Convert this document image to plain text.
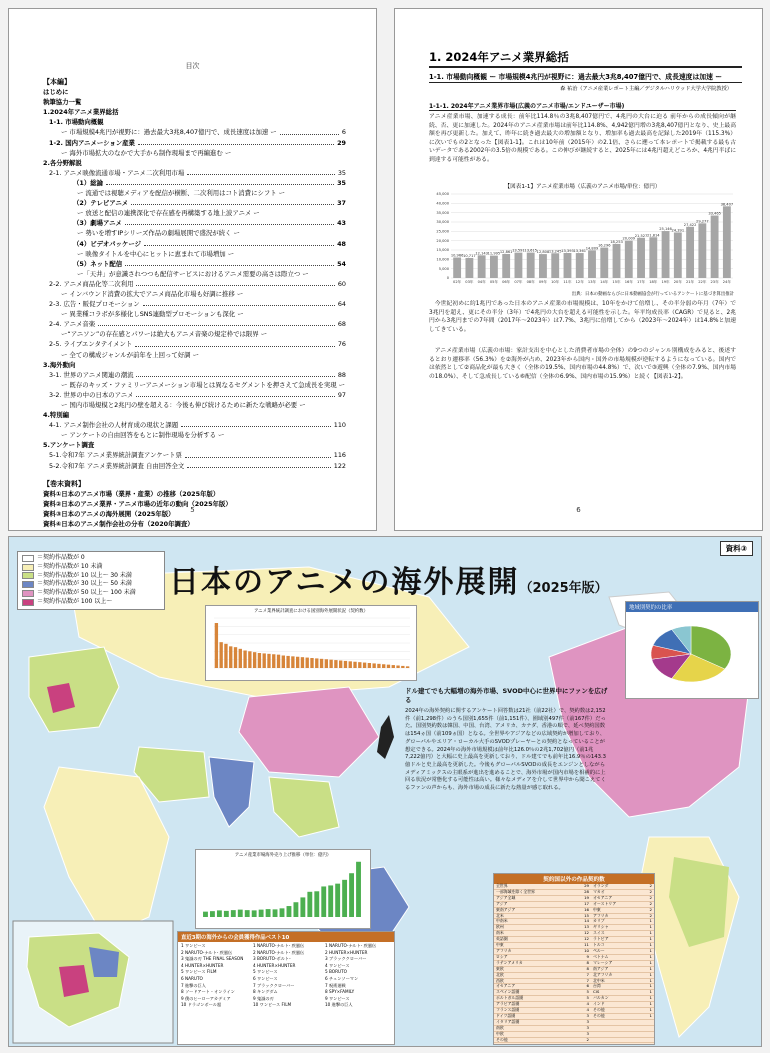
目次
【本編】
はじめに
執筆協力一覧
1.2024年アニメ業界総括
1-1. 市場動向概観
ー 市場規模4兆円が視野に：過去最大3兆8,407億円で、成長速度は加速 ー	6
1-2. 国内アニメーション産業	29
ー 海外市場拡大のなかで大手から制作現場まで再編進む ー
2.各分野解説
2-1. アニメ映像流通市場・アニメ二次利用市場	35
（1）総論	35
ー 流通では視聴メディアを配信が横断、二次利用はコト消費にシフト ー
（2）テレビアニメ	37
ー 放送と配信の連携深化で存在感を再構築する地上波アニメ ー
（3）劇場アニメ	43
ー 勢いを増すIPシリーズ作品の劇場展開で盛況が続く ー
（4）ビデオパッケージ	48
ー 映像タイトルを中心にヒットに恵まれて市場増加 ー
（5）ネット配信	54
ー「天井」が意識されつつも配信サービスにおけるアニメ需要の高さは際立つ ー
2-2. アニメ商品化等二次利用	60
ー インバウンド消費の拡大でアニメ商品化市場も好調に推移 ー
2-3. 広告・販促プロモーション	64
ー 異業種コラボが多様化しSNS連動型プロモーションも深化 ー
2-4. アニメ音楽	68
ー“アニソン”の存在感とパワーは絶大もアニメ音楽の規定枠では限界 ー
2-5. ライブエンタテイメント	76
ー 全ての構成ジャンルが前年を上回って好調 ー
3.海外動向
3-1. 世界のアニメ関連の潮流	88
ー 既存のキッズ・ファミリーアニメーション市場とは異なるセグメントを押さえて急成長を実現 ー
3-2. 世界の中の日本のアニメ	97
ー 国内市場規模と2兆円の壁を超える：今後も伸び続けるために新たな戦略が必要 ー
4.特別編
4-1. アニメ制作会社の人材育成の現状と課題	110
ー アンケートの自由回答をもとに制作現場を分析する ー
5.アンケート調査
5-1.令和7年 アニメ業界統計調査アンケート票	116
5-2.令和7年 アニメ業界統計調査 自由回答全文	122
【巻末資料】
資料①日本のアニメ市場（業界・産業）の推移（2025年版）
資料②日本のアニメ業界・アニメ市場の近年の動向（2025年版）
資料③日本のアニメの海外展開（2025年版）
資料④日本のアニメ制作会社の分布（2020年調査）
5
1. 2024年アニメ業界総括
1-1. 市場動向概観 ー 市場規模4兆円が視野に：過去最大3兆8,407億円で、成長速度は加速 ー
森 祐治（アニメ産業レポート主編／デジタルハリウッド大学大学院教授）
1-1-1. 2024年アニメ業界市場(広義のアニメ市場/エンドユーザー市場)
アニメ産業市場、加速する成長：前年比114.8％の3兆8,407億円で、4兆円の大台に迫る 前年からの成長傾向が継続、否、更に加速した。2024年のアニメ産業市場は前年比114.8%、4,942億円増の3兆8,407億円となり、史上最高額を再び更新した。加えて、昨年に続き過去最大の増加額となり、増加率も過去最高を記録した2019年（115.3%）に次いでもの2となった【図表1-1】。これは10年前（2015年）の2.1倍、さらに遡って本レポートで掲載する最も古いデータである2002年の3.5倍の規模である。この伸びが継続すると、2025年には4兆円超えどころか、4兆円半ばに到達する可能性がある。
【図表1-1】アニメ産業市場（広義のアニメ市場/単位：億円）
0
5,000
10,000
15,000
20,000
25,000
30,000
35,000
40,000
45,000
10,966
02年
10,717
03年
12,143
04年
11,995
05年
12,861
06年
13,591
07年
13,615
08年
12,808
09年
13,245
10年
13,393
11年
13,361
12年
14,809
13年
16,296
14年
18,253
15年
20,009
16年
21,527
17年
21,814
18年
25,146
19年
24,391
20年
27,422
21年
29,277
22年
33,465
23年
38,407
24年
出典：日本の動画ならびに日本動画協会が行っているアンケートに基づき算出推計
今世紀初めに約1兆円であった日本のアニメ産業の市場規模は、10年をかけて倍増し、その半分弱の年月（7年）で3兆円を超え、更にその半分（3年）で4兆円の大台を超える可能性を示した。年平均成長率（CAGR）で見ると、2兆円から3兆円までの7年間（2017年～2023年）は7.7%、3兆円に倍増してから（2023年～2024年）は14.8%と加速してきている。
アニメ産業市場（広義の市場：家計支出を中心とした消費者市場の全体）の9つのジャンル別構成をみると、後述するとおり遷移率（56.3%）を②海外が占め、2023年から国内・国外の市場規模が逆転するようになっている。国内では依然として②商品化が最も大きく（全体の19.5%、国内市場の44.8%）で、次いで③遊興（全体の7.9%、国内市場の18.0%）、そして急成長している⑥配信（全体の6.9%、国内市場の15.9%）と続く【図表1-2】。
6
＝契約作品数が 0
＝契約作品数が 10 未満
＝契約作品数が 10 以上～ 30 未満
＝契約作品数が 30 以上～ 50 未満
＝契約作品数が 50 以上～ 100 未満
＝契約作品数が 100 以上～
日本のアニメの海外展開（2025年版）
資料③
アニメ業界統計調査における国別海外展開状況（契約数）
地域別契約の比率
ドル建てでも大幅増の海外市場、SVOD中心に世界中にファンを広げる
2024年の海外契約に関するアンケート回答数は21社（前22社）で、契約数は2,152件（前1,298件）のうち国別1,655件（前1,151件）、圏域別497件（前167件）だった。国別契約数は韓国、中国、台湾、アメリカ、カナダ、香港の順で、延べ契約国数は154ヵ国（前109ヵ国）となる。全世界やアジアなどの広域契約が増加しており、グローバルやエリア・ローカル大手のSVODプレーヤーとの契約となっていることが想定できる。2024年の海外市場規模は前年比126.0％の2兆1,702億円（前1兆7,222億円）と大幅に史上最高を更新しており、ドル建てでも前年比16.9％の143.3億ドルと史上最高を更新した。今後もグローバルSVODの成長をエンジンとしながらメディアミックスの主眼系が進出を進めることで、海外市場が国内市場を相補的に上回る状況が常態化する可能性は高い。様々なメディアを介して世界中から聞こえてくるファンの声からも、海外市場の成長に新たな熱量が感じ取れる。
アニメ産業市場海外売り上げ推移（単位：億円）
直近3期の海外からの会員獲得作品ベスト10
1 ワンピース
2 NARUTO-ナルト- 疾風伝
3 鬼滅の刃 THE FINAL SEASON
4 HUNTER×HUNTER
5 ワンピース FILM
6 NARUTO
7 進撃の巨人
8 ソードアート・オンライン
9 僕のヒーローアカデミア
10 ドラゴンボール超
1 NARUTO-ナルト- 疾風伝
2 NARUTO-ナルト- 疾風伝
3 BORUTO-ボルト-
4 HUNTER×HUNTER
5 ワンピース
6 ワンピース
7 ブラッククローバー
8 キングダム
9 鬼滅の刃
10 ワンピース FILM
1 NARUTO-ナルト- 疾風伝
2 HUNTER×HUNTER
3 ブラッククローバー
4 ワンピース
5 BORUTO
6 チェンソーマン
7 呪術廻戦
8 SPY×FAMILY
9 ワンピース
10 進撃の巨人
契約国以外の作品契約数
全世界	29	オランダ	2
一部海域を除く全世界	28	マカオ	2
アジア全域	19	オセアニア	2
アジア	17	オーストリア	2
東南アジア	16	中東	2
北米	15	アフリカ	2
中南米	14	カリブ	1
欧州	13	ギリシャ	1
南米	12	スイス	1
英語圏	12	ラトビア	1
中東	11	トルコ	1
アフリカ	10	ペルー	1
ロシア	9	ベトナム	1
ラテンアメリカ	8	マレーシア	1
東欧	8	南アジア	1
北欧	7	北アフリカ	1
西欧	7	北中米	1
オセアニア	6	台湾	1
スペイン語圏	5	CIS	1
ポルトガル語圏	5	バルカン	1
アラビア語圏	4	インド	1
フランス語圏	4	その他	1
ドイツ語圏	3	その他	1
イタリア語圏	3		
南欧	3		
中欧	3		
その他	2		
